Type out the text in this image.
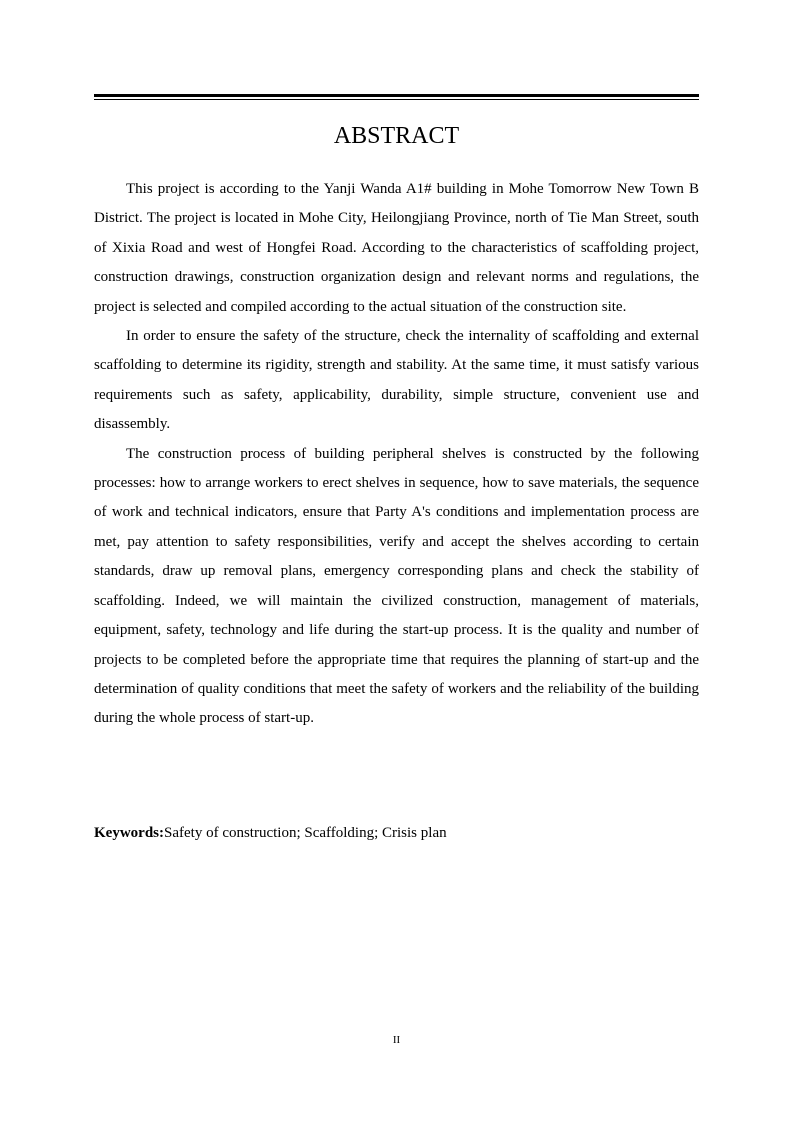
ABSTRACT

This project is according to the Yanji Wanda A1# building in Mohe Tomorrow New Town B District. The project is located in Mohe City, Heilongjiang Province, north of Tie Man Street, south of Xixia Road and west of Hongfei Road. According to the characteristics of scaffolding project, construction drawings, construction organization design and relevant norms and regulations, the project is selected and compiled according to the actual situation of the construction site.

In order to ensure the safety of the structure, check the internality of scaffolding and external scaffolding to determine its rigidity, strength and stability. At the same time, it must satisfy various requirements such as safety, applicability, durability, simple structure, convenient use and disassembly.

The construction process of building peripheral shelves is constructed by the following processes: how to arrange workers to erect shelves in sequence, how to save materials, the sequence of work and technical indicators, ensure that Party A's conditions and implementation process are met, pay attention to safety responsibilities, verify and accept the shelves according to certain standards, draw up removal plans, emergency corresponding plans and check the stability of scaffolding. Indeed, we will maintain the civilized construction, management of materials, equipment, safety, technology and life during the start-up process. It is the quality and number of projects to be completed before the appropriate time that requires the planning of start-up and the determination of quality conditions that meet the safety of workers and the reliability of the building during the whole process of start-up.

Keywords:Safety of construction; Scaffolding; Crisis plan

II
